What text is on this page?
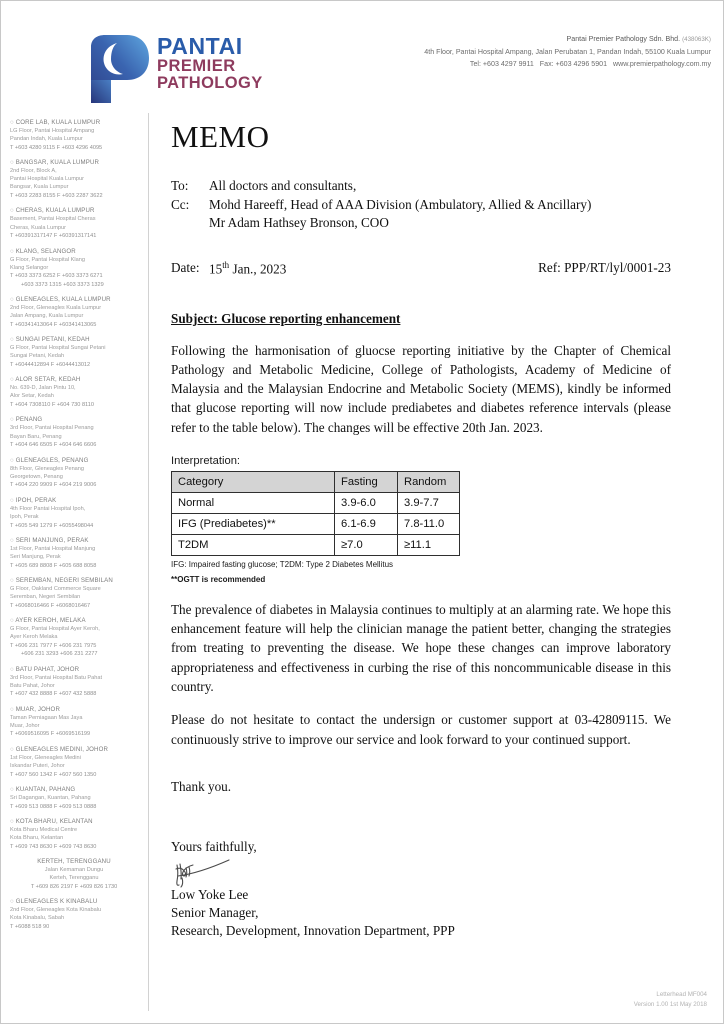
PANTAI
PREMIER
PATHOLOGY
Pantai Premier Pathology Sdn. Bhd. (438063K)
4th Floor, Pantai Hospital Ampang, Jalan Perubatan 1, Pandan Indah, 55100 Kuala Lumpur
Tel: +603 4297 9911 Fax: +603 4296 5901 www.premierpathology.com.my
○ CORE LAB, KUALA LUMPUR
LG Floor, Pantai Hospital Ampang
Pandan Indah, Kuala Lumpur
T +603 4280 9115 F +603 4296 4095
○ BANGSAR, KUALA LUMPUR
2nd Floor, Block A,
Pantai Hospital Kuala Lumpur
Bangsar, Kuala Lumpur
T +603 2283 8155 F +603 2287 3622
○ CHERAS, KUALA LUMPUR
Basement, Pantai Hospital Cheras
Cheras, Kuala Lumpur
T +60391317147 F +60391317141
○ KLANG, SELANGOR
G Floor, Pantai Hospital Klang
Klang Selangor
T +603 3373 6252 F +603 3373 6271
+603 3373 1315 +603 3373 1329
○ GLENEAGLES, KUALA LUMPUR
2nd Floor, Gleneagles Kuala Lumpur
Jalan Ampang, Kuala Lumpur
T +60341413064 F +60341413065
○ SUNGAI PETANI, KEDAH
G Floor, Pantai Hospital Sungai Petani
Sungai Petani, Kedah
T +6044412894 F +6044413012
○ ALOR SETAR, KEDAH
No. 639-D, Jalan Pintu 10,
Alor Setar, Kedah
T +604 7308110 F +604 730 8110
○ PENANG
3rd Floor, Pantai Hospital Penang
Bayan Baru, Penang
T +604 646 6505 F +604 646 6606
○ GLENEAGLES, PENANG
8th Floor, Gleneagles Penang
Georgetown, Penang
T +604 220 9909 F +604 219 9006
○ IPOH, PERAK
4th Floor Pantai Hospital Ipoh,
Ipoh, Perak
T +605 549 1279 F +6055498044
○ SERI MANJUNG, PERAK
1st Floor, Pantai Hospital Manjung
Seri Manjung, Perak
T +605 689 8808 F +605 688 8058
○ SEREMBAN, NEGERI SEMBILAN
G Floor, Oakland Commerce Square
Seremban, Negeri Sembilan
T +6068016466 F +6068016467
○ AYER KEROH, MELAKA
G Floor, Pantai Hospital Ayer Keroh,
Ayer Keroh Melaka
T +606 231 7977 F +606 231 7975
+606 231 3293 +606 231 2277
○ BATU PAHAT, JOHOR
3rd Floor, Pantai Hospital Batu Pahat
Batu Pahat, Johor
T +607 432 8888 F +607 432 5888
○ MUAR, JOHOR
Taman Perniagaan Mas Jaya
Muar, Johor
T +6069516095 F +6069516199
○ GLENEAGLES MEDINI, JOHOR
1st Floor, Gleneagles Medini
Iskandar Puteri, Johor
T +607 560 1342 F +607 560 1350
○ KUANTAN, PAHANG
Sri Dagangan, Kuantan, Pahang
T +609 513 0888 F +609 513 0888
○ KOTA BHARU, KELANTAN
Kota Bharu Medical Centre
Kota Bharu, Kelantan
T +609 743 8630 F +609 743 8630
KERTEH, TERENGGANU
Jalan Kemaman Dungu
Kerteh, Terengganu
T +609 826 2197 F +609 826 1730
○ GLENEAGLES K KINABALU
2nd Floor, Gleneagles Kota Kinabalu
Kota Kinabalu, Sabah
T +6088 518 90
MEMO
To:	All doctors and consultants,
Cc:	Mohd Hareeff, Head of AAA Division (Ambulatory, Allied & Ancillary)
Mr Adam Hathsey Bronson, COO
Date: 15th Jan., 2023	Ref: PPP/RT/lyl/0001-23
Subject: Glucose reporting enhancement
Following the harmonisation of gluocse reporting initiative by the Chapter of Chemical Pathology and Metabolic Medicine, College of Pathologists, Academy of Medicine of Malaysia and the Malaysian Endocrine and Metabolic Society (MEMS), kindly be informed that glucose reporting will now include prediabetes and diabetes reference intervals (please refer to the table below). The changes will be effective 20th Jan. 2023.
Interpretation:
Category	Fasting	Random
Normal	3.9-6.0	3.9-7.7
IFG (Prediabetes)**	6.1-6.9	7.8-11.0
T2DM	≥7.0	≥11.1
IFG: Impaired fasting glucose; T2DM: Type 2 Diabetes Mellitus
**OGTT is recommended
The prevalence of diabetes in Malaysia continues to multiply at an alarming rate. We hope this enhancement feature will help the clinician manage the patient better, changing the strategies from treating to preventing the disease. We hope these changes can improve laboratory appropriateness and effectiveness in curbing the rise of this noncommunicable disease in this country.
Please do not hesitate to contact the undersign or customer support at 03-42809115. We continuously strive to improve our service and look forward to your continued support.
Thank you.
Yours faithfully,
Low Yoke Lee
Senior Manager,
Research, Development, Innovation Department, PPP
Letterhead MF004
Version 1.00 1st May 2018
